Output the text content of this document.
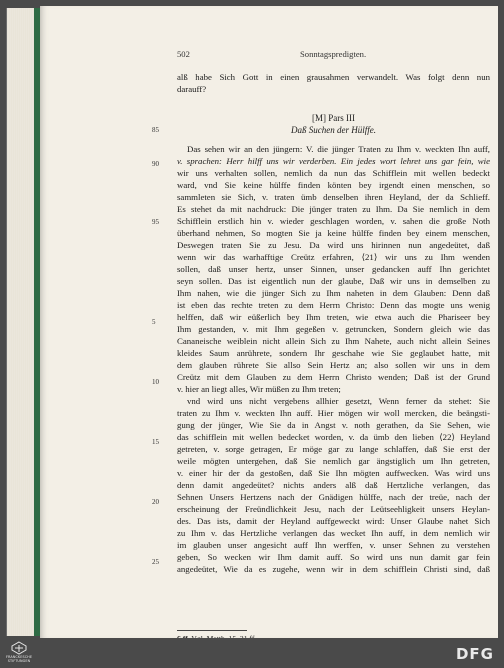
502	Sonntagspredigten.
alß habe Sich Gott in einen grausahmen verwandelt. Was folgt denn nun
darauff?
[M] Pars III
Daß Suchen der Hülffe.
85
90
95
5
10
15
20
25
Das sehen wir an den jüngern: V. die jünger Traten zu Ihm v. weckten Ihn auff,
v. sprachen: Herr hilff uns wir verderben. Ein jedes wort lehret uns gar fein, wie
wir uns verhalten sollen, nemlich da nun das Schifflein mit wellen bedeckt
ward, vnd Sie keine hülffe finden könten bey irgendt einen menschen, so
sammleten sie Sich, v. traten ümb denselben ihren Heyland, der da Schlieff.
Es stehet da mit nachdruck: Die jünger traten zu Ihm. Da Sie nemlich in dem
Schifflein erstlich hin v. wieder geschlagen worden, v. sahen die große Noth
überhand nehmen, So mogten Sie ja keine hülffe finden bey einem menschen,
Deswegen traten Sie zu Jesu. Da wird uns hirinnen nun angedeütet, daß
wenn wir das warhafftige Creütz erfahren, ⟨21⟩ wir uns zu Ihm wenden
sollen, daß unser hertz, unser Sinnen, unser gedancken auff Ihn gerichtet
seyn sollen. Das ist eigentlich nun der glaube, Daß wir uns in demselben zu
Ihm nahen, wie die jünger Sich zu Ihm naheten in dem Glauben: Denn daß
ist eben das rechte treten zu dem Herrn Christo: Denn das mogte uns wenig
helffen, daß wir eüßerlich bey Ihm treten, wie etwa auch die Phariseer bey
Ihm gestanden, v. mit Ihm gegeßen v. getruncken, Sondern gleich wie das
Cananeische weiblein nicht allein Sich zu Ihm Nahete, auch nicht allein Seines
kleides Saum anrührete, sondern Ihr geschahe wie Sie geglaubet hatte, mit
dem glauben rührete Sie allso Sein Hertz an; also sollen wir uns in dem
Creütz mit dem Glauben zu dem Herrn Christo wenden; Daß ist der Grund
v. hier an liegt alles, Wir müßen zu Ihm treten;
vnd wird uns nicht vergebens allhier gesetzt, Wenn ferner da stehet: Sie
traten zu Ihm v. weckten Ihn auff. Hier mögen wir woll mercken, die beängsti-
gung der jünger, Wie Sie da in Angst v. noth gerathen, da Sie Sehen, wie
das schifflein mit wellen bedecket worden, v. da ümb den lieben ⟨22⟩ Heyland
getreten, v. sorge getragen, Er möge gar zu lange schlaffen, daß Sie erst der
weile mögten untergehen, daß Sie nemlich gar ängstiglich um Ihn getreten,
v. einer hir der da gestoßen, daß Sie Ihn mögten auffwecken. Was wird uns
denn damit angedeütet? nichts anders alß daß Hertzliche verlangen, das
Sehnen Unsers Hertzens nach der Gnädigen hülffe, nach der treüe, nach der
erscheinung der Freündlichkeit Jesu, nach der Leütseehligkeit unsers Heylan-
des. Das ists, damit der Heyland auffgeweckt wird: Unser Glaube nahet Sich
zu Ihm v. das Hertzliche verlangen das wecket Ihn auff, in dem nemlich wir
im glauben unser angesicht auff Ihn werffen, v. unser Sehnen zu verstehen
geben, So wecken wir Ihm damit auff. So wird uns nun damit gar fein
angedeütet, Wie da es zugehe, wenn wir in dem schifflein Christi sind, daß
FRANCKESCHE
STIFTUNGEN	DFG
